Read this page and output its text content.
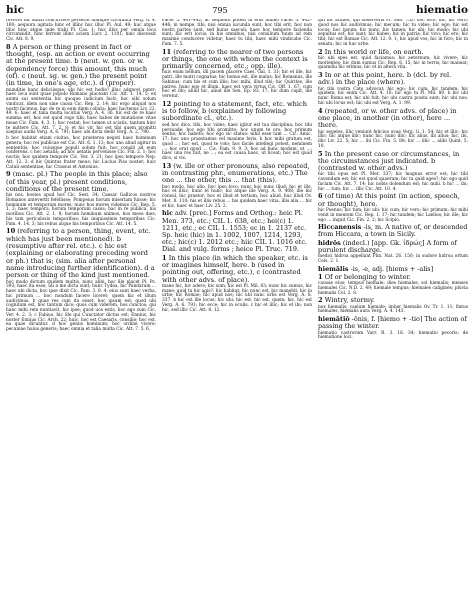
hic	795	hiematio

revocet hic adfixi concurrere perserat undique circumita Verg. A. 4. 160; aequora agitata hinc et illinc huc illuc Pl. Aul. 49; huc atque illuc hinc atque inde trahi Pl. Cas. 1; huc illuc per omnia loca circumsidit, hinc ferrent illinc aciem Lucr. 2. 1101; hinc discessit Cic. Att. 8. 9.

8 A person or thing present in fact or thought, (esp. an action or event occurring at the present time. b (neut. w. gen. or w. dependency force) this amount, this much (of). c (neut. sg. w. gen.) the present point (in time, in one's age, etc.). d (proper).

munditie hanc deliciisque; ubi hic est hodie? illuc adgnovi pater; haec loca sunt quae populo Romano placeant Cic. Att. 1. 14. 5; ex animi sui sententia hic quoque iudicium facit; hoc sibi solum vindicat, idem non sine causa Cic. Rep. 2. 14; hic ergo aliquid nos nostri facimus, hac de re in eum diem collata; haec hactenus Liv. 22. 49. 6; haec et talia multa locutus Verg. A. 4. 36. hic est de re haec summa est, hoc est quod rogo tibi; haec habes de mutatione vitae meae Cic. Fam. 4. 3. 1; hoc restat; hoc tamen ut sciatis, tantum hinc te mittere Cic. Att. 7. 2. 8; et hic vir, hic est tibi quem promitti saepius audis Verg. A. 6. 791; haec ubi dicta dedit Verg. A. 2. 790.

b hoc habitat etiam ciuitas, hoc praeterea negoti haec hominum genera; hoc rei publicae est Cic. Att. 6. 1. 13; hoc uno aliud agitur in sententiis; hoc cuiusque populi solum fuit; hoc consili ad eum conferens. c hoc aetatis; ad hoc aetatis pervenisse Cic. Fin. 2. 1; hoc noctis; hoc quidem tempore Cic. Ver. 3. 21; hoc ipso tempore Nep. Att. 12. 2. d hic Quintus frater meus; hic Lucius Piso noster; huic Catuli sententiae; hic Crassus et Antonius.

9 (masc. pl.) The people in this place; also (of this year, pl.) present conditions, conditions of the present time.

his nos. hostes apud hos Cic. Sest. 34; Caesar Gallicos nostros Romanos antevertit fefellisse; Pompeius horum miseriam fuisse; hic hominum et temporum mores; nunc hos mores videmus Cic. Rep. 5. 1. 2; haec tempora, horum temporum casus; hac in re publica, his moribus Cic. Att. 2. 1. 8; horum hominum animos, hos meos dies; his tam periculosis temporibus; his iniquissimis temporibus Cic. Fam. 4. 14. 3; his rebus atque his temporibus Cic. Att. 14. 5.

10 (referring to a person, thing, event, etc. which has just been mentioned). b (resumptive after rel. etc.). c hic est (explaining or elaborating preceding word or ph.) that is; (sim. alia after personal name introducing further identification). d a person or thing of the kind just mentioned.

hoc modo dictum quidem multis, nunc alibi. hoc ille placet Pl. Ps. 393; haec ita esse, uti a me dicta sunt; hunc Tydea, hic Pandarum ... haec ubi dicta, hoc ipse dixit Cic. Fam. 3. 8. 4; eius sunt haec verba, hic primum ... hoc nondum facere liceret; quem hic et illum audivimus. b quae res cum ita esset, hoc ipsum est; quod ubi cognitum est, hoc tantum dico; quos cum viderem, hos cunctos; qui hanc mihi rem nuntiavit, hic ipse; quod uos estis, hoc ego sum Cic. Ver. 4. 2. 3; c Fabius, hic ille qui Cunctator dictus est; Ennius, hic noster Ennius Cic. Arch. 22; huic, hoc est Caesaris, consilio; hoc est, ea quae dicuntur. d hoc genus hominum; hoc ordine vivere; pecuniae huius generis; haec omnia et talia multa Cic. Att. 7. 5. 6.

Pacer 5. 441–442; ac sequenti potest in eius animo Pacer 5. 442–446; in nempe, tibi, nisi omnia iucunda sunt, hoc tibi erit, hoc non nostri partes sunt, sed huius saeculi; haec hoc tempore facienda sunt; hic erit locus; in his omnibus, nisi consilium tuum ad rem maxime conducere videtur; haec tu tibi, haec mihi vindicabo Cic. Fam. 7. 5.

11 (referring to the nearer of two persons or things, the one with whom the context is primarily concerned, etc.; opp. ille).

huic enim bellum, illi pacem placere Caes. Gal. 1. 31; hic et ille, hic patri, ille matri cognatus; hic bonus est, ille malus; hic Romanus, ille Sabinus; cum his et cum illis; hoc mihi, illud tibi; hic Quirites, ille patres. hunc ego et illum. haec est vera virtus Cic. Off. 1. 67; cum hoc et illo; aliud hic, aliud ille Sen. Ep. 83. 17; hic dum cupit, ille veretur.

12 pointing to a statement, fact, etc. which is to follow, b (explained by following subordinate cl., etc.).

sed hoc dico, tibi, hoc vides; haec igitur est tua disciplina; hoc tibi persuade; hoc ego tibi promitto; hoc unum te oro; hoc primum sentio; hoc habeto; hoc ego sic statuo: nihil esse tam ... Cic. Amic. 17; hoc uno praestamus vel maxime feris. b hoc mihi gratum est, quod ...; hoc est, quod te volo; hoc facile intellegi potest, neminem ...; hoc erat quod ... Cic. Fam. 9. 9. 3; hoc ad hunc modum, ut ...; haec una res fuit, ne ...; ea est causa haec, ut liceat; hoc est quod dico, si vis.

13 (w. ille or other pronouns, also repeated, in contrasting phr., enumerations, etc.) The one ... the other, this ... that (this).

hoc modo, hoc alio, hoc ipso loco; nunc hoc nunc illud; hic et ille, huc et illuc; hunc et hunc; hic atque ille Verg. A. 9. 408; ille hic consul, hic praetor; hoc et illud et tertium; huc aliud, huc illud Ov. Met. 8. 110; his et illis rebus ... his quidem haec vitia, illis alia ... hic et hic, haec et haec Liv. 25. 2.

hic adv. [prec.] Forms and Orthog.: heic Pl. Men. 373, etc.; CIL 1. 638, etc.; hei(c) 1. 1211, etc.; ec CIL 1. 1553; ec in 1. 2137 etc. Sp. heic (hic) in 1. 1002, 1007, 1214, 1293, etc.; hic(c) 1. 2012 etc.; hiic CIL 1. 1016 etc. Dial. and vulg. forms ; heice Pl. Truc. 719.

1 In this place (in which the speaker, etc. is or imagines himself, here. b (used in pointing out, offering, etc.), c (contrasted with other advs. of place).

mane hic, hic adero; hic sum; hic est Pl. Mil. 83; nunc hic sumus, hic mane; quid tu hic agis?; hic habitat; hic nunc est, hic manebit; hic in urbe; hic Romae; hic apud nos; hic ubi nunc urbs est Verg. A. 8. 337. b hic est ille locus; hic ubi; hic est, hic est, quem; hic, hic est Verg. A. 6. 791; hic ecce; hic in oculis. c hic et illic; hic et ibi; non hic, sed illic Cic. Att. 8. 12.

qui hic attinet, qui observeris Pl. Mer. 752; hoc loco, hic, hic vero; quod nos hic audivimus; hic mecum; hic tu vides; hic ego; hic est locus; hoc ipsum; hic nunc, hic tamen; hic ubi; hic modo; hic ubi sepultus est; hic sunt; hic habes; hic in patria; hic vivo; hic ero; hic tibi; hic est Romae Cic. Att. 12. 9. 1; hic apud vos; hic in foro; hic in senatu; hic in hac urbe.

2 In this world or life, on earth.

hic ubi spes est, quid faciamus; hic aeternum; hic vivere; hic morientes; hic dum sumus Cic. Rep. 6. 15; hic in terris; hic maneat; quamdiu hic erimus; hic et in altera vita.

3 In or at this point, here. b (dcl. by rel. adv.) in the place (where).

hic tibi rostra Cato advocat; hic ego; hic cum; hic tandem; hic quidem; hic enim Cic. Att. 4. 10; hic ego tu Pl. Mil. 80. b hic ubi nunc Roma est; hic ubi fuit; hic ubi castra posita sunt; hic ubi nos; hic ubi locus est; hic ubi est Verg. A. 1. 99.

4 (repeated, or w. other advs. of place) in one place, in another (in other), here ... there.

hic segetes, illic veniunt felicius uvae Verg. G. 1. 54; hic et illic; hic illic; hic atque illic; nunc hic, nunc illic; hic alius, ibi alius; hic, ibi, illic Liv. 22. 5; hic ... ibi Cic. Fin. 5. 88; hic ... illic ... alibi Quint. 5. 10.

5 In the present case or circumstances, in the circumstances just indicated. b (contrasted w. other advs.)

hic tibi opus est Pl. Mer. 337; hic magnus error est; hic tibi cavendum est; hic est quod quaeram; hic tu quid ages?; hic ego quid faciam Cic. Att. 7. 14; hic nobis dolendum est; hic mihi. b hic ... ibi; hic ... tum; hic ... illic Cic. Att. 10. 4.

6 (of time) At this point (in action, speech, or thought), here.

hic Poenus; hic tum; hic ubi; hic cum; hic vero; hic primum; hic mihi venit in mentem Cic. Rep. 1. 17; hic tandem; hic Laelius; hic ille; hic ego ... inquit Cic. Fin. 2. 2; hic Scipio.

Hiccanensis -is, m. A native of, or descended from Hiccara, a town in Sicily.

hidrōs (indecl.) [app. Gk. ἱδρώς] A form of purulent discharge.

medici hidroa appellant Plin. Nat. 26. 150; in sudore hidroa ortum Cels. 2. 1.

hiemālis -is, -e, adj. [hiems + -alis]

1 Of or belonging to winter.

causae eius; tempus hiemale; dies hiemales; sol hiemalis; menses hiemales Cic. N.D. 2. 49; hiemale tempus; hiemales caligines; pluvia hiemalis Col. 2. 8.

2 Wintry, stormy.

nox hiemalis; caelum hiemale; imber hiemalis Ov. Tr. 1. 11; flatus hiemales; hiemalis aura Verg. A. 4. 143.

hiemātiō -ōnis, f. [hiemo + -tio] The action of passing the winter.

hiematio castrorum Varr. R. 3. 16. 34; hiematio pecoris; de hiematione loci.
